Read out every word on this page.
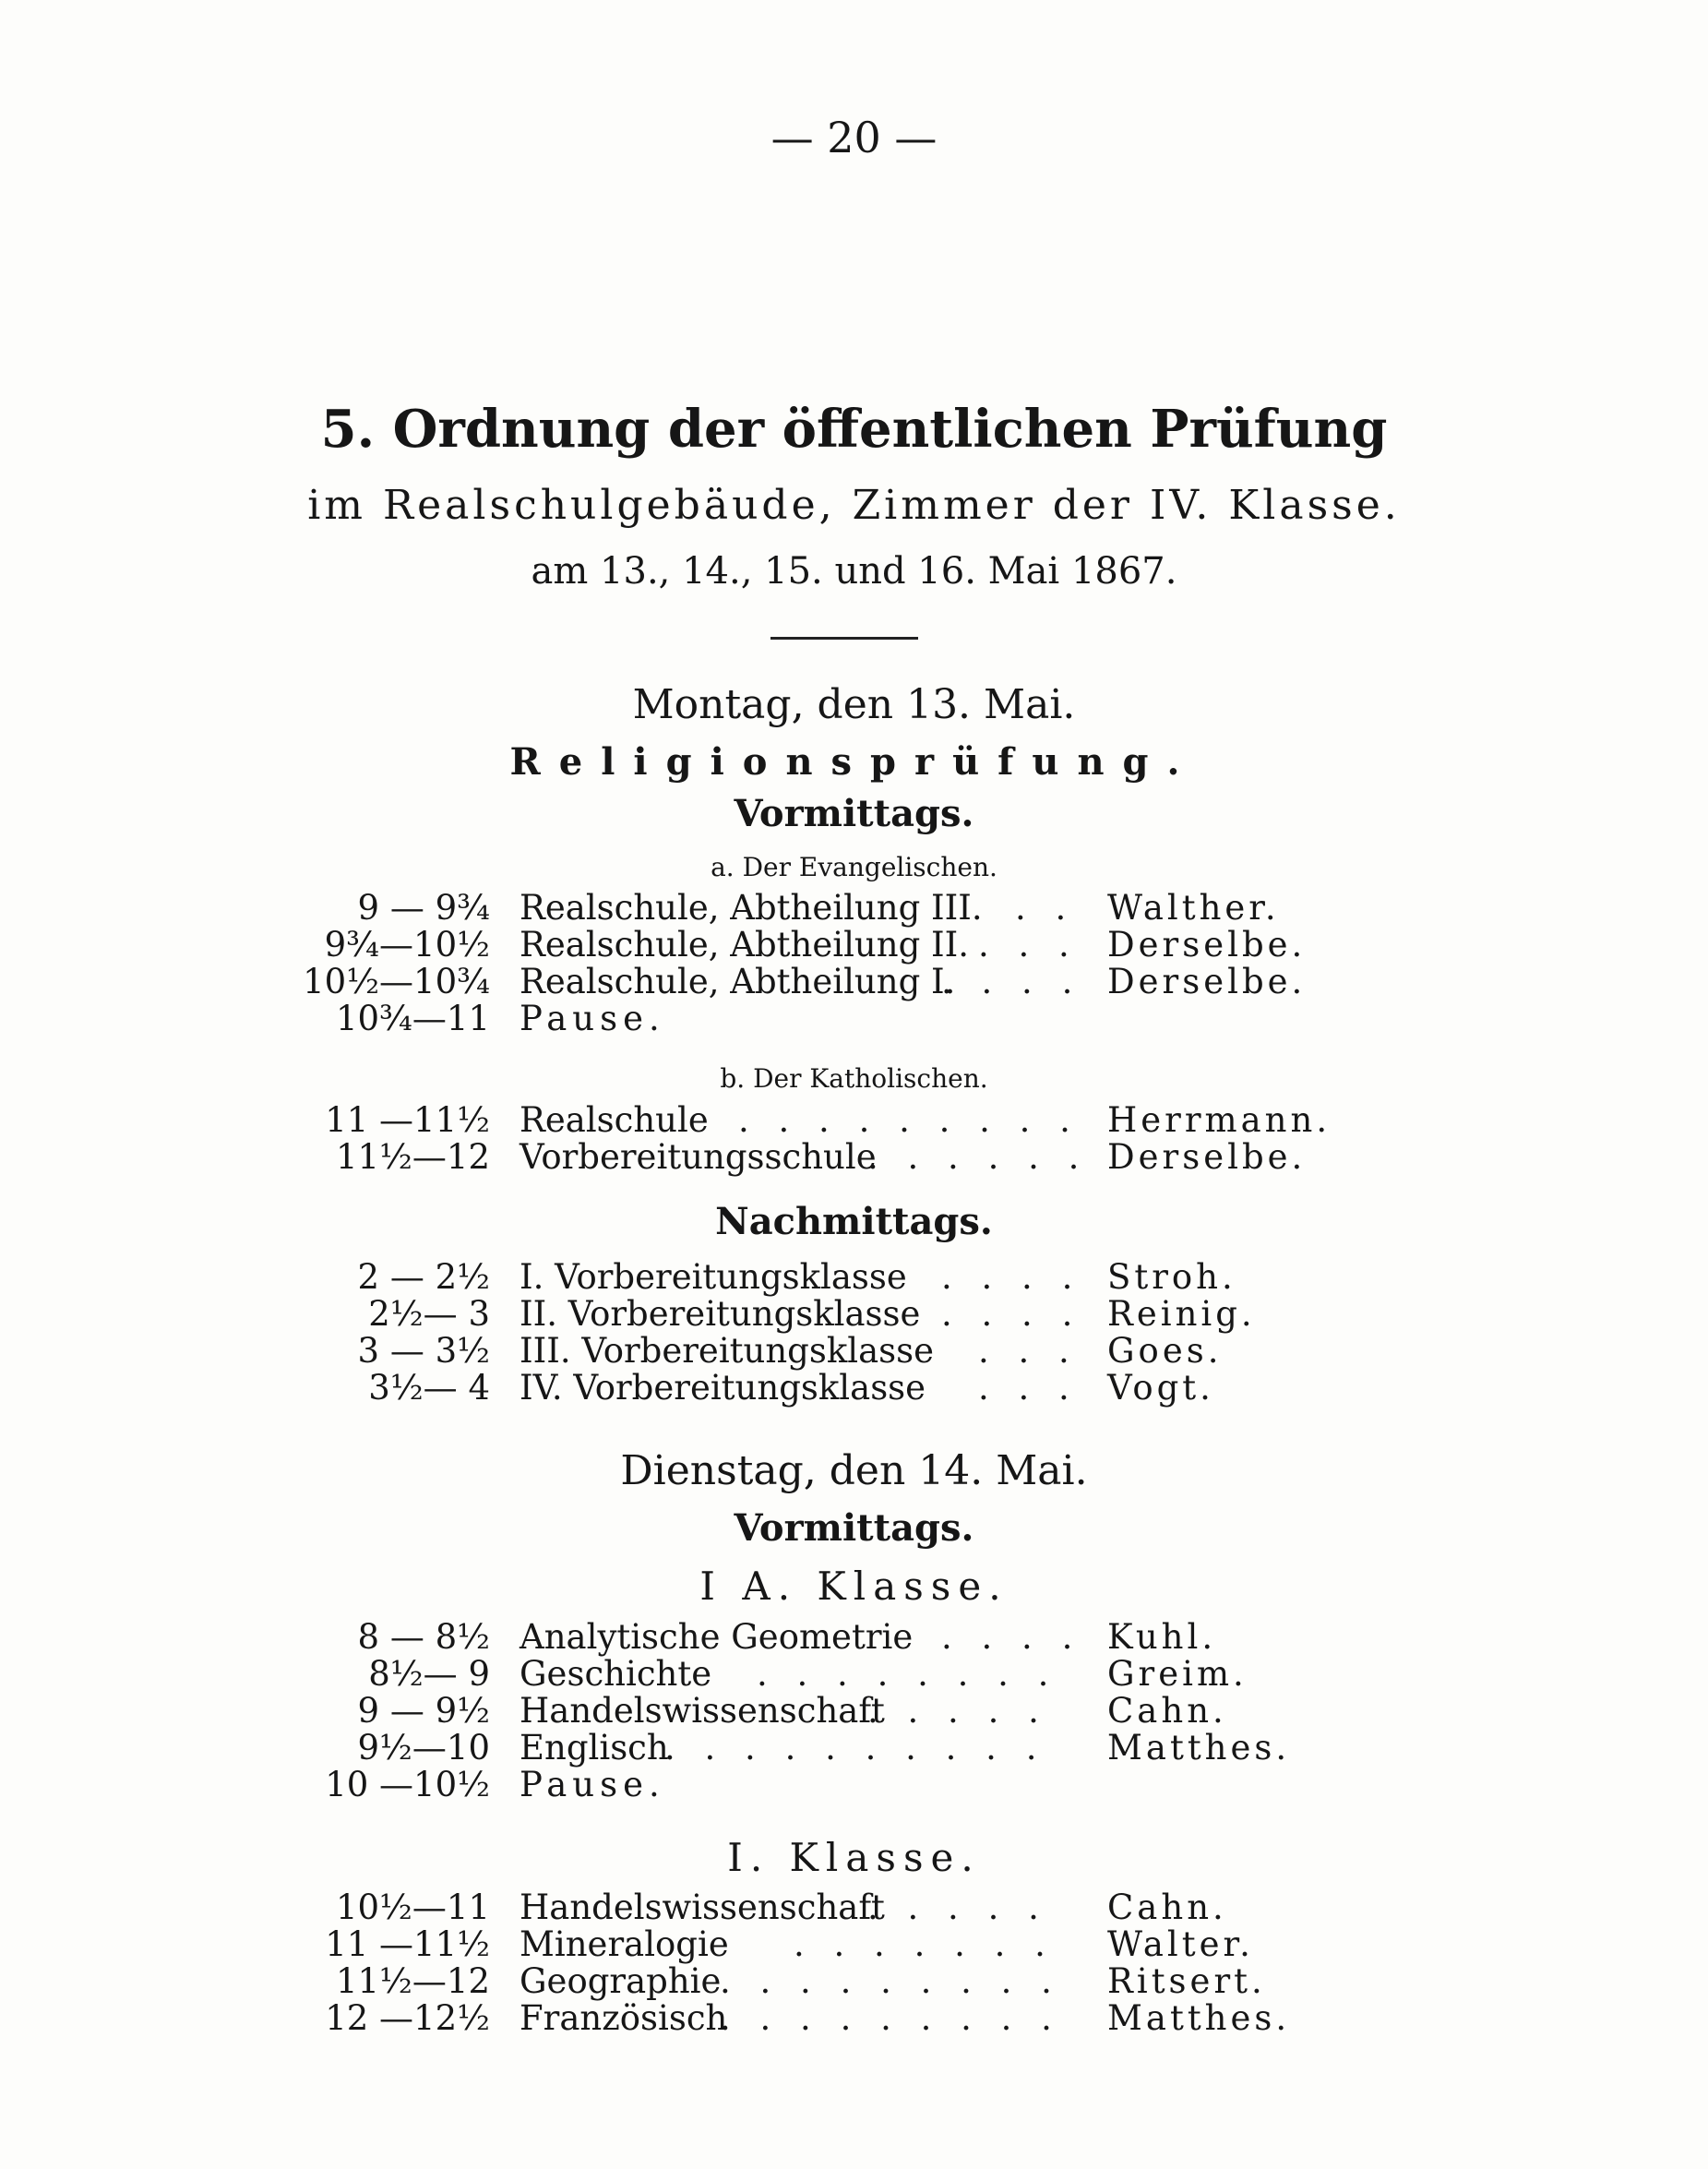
— 20 —
5. Ordnung der öffentlichen Prüfung
im Realschulgebäude, Zimmer der IV. Klasse.
am 13., 14., 15. und 16. Mai 1867.
Montag, den 13. Mai.
Religionsprüfung.
Vormittags.
a. Der Evangelischen.
9 — 9¾ Realschule, Abtheilung III. . . Walther.
9¾—10½ Realschule, Abtheilung II. . . . Derselbe.
10½—10¾ Realschule, Abtheilung I.
. . . . Derselbe.
10¾—11 Pause.
b. Der Katholischen.
11 —11½ Realschule . . . . . . . . . Herrmann.
11½—12 Vorbereitungsschule
. . . . . . Derselbe.
Nachmittags.
2 — 2½ I. Vorbereitungsklasse . . . . Stroh.
2½— 3 II. Vorbereitungsklasse . . . . Reinig.
3 — 3½ III. Vorbereitungsklasse . . . Goes.
3½— 4 IV. Vorbereitungsklasse . . . Vogt.
Dienstag, den 14. Mai.
Vormittags.
I A. Klasse.
8 — 8½ Analytische Geometrie . . . . Kuhl.
8½— 9 Geschichte . . . . . . . . Greim.
9 — 9½ Handelswissenschaft
. . . . . Cahn.
9½—10 Englisch
. . . . . . . . . . Matthes.
10 —10½ Pause.
I. Klasse.
10½—11 Handelswissenschaft
. . . . . Cahn.
11 —11½ Mineralogie . . . . . . . Walter.
11½—12 Geographie
. . . . . . . . . Ritsert.
12 —12½ Französisch
. . . . . . . . . Matthes.
